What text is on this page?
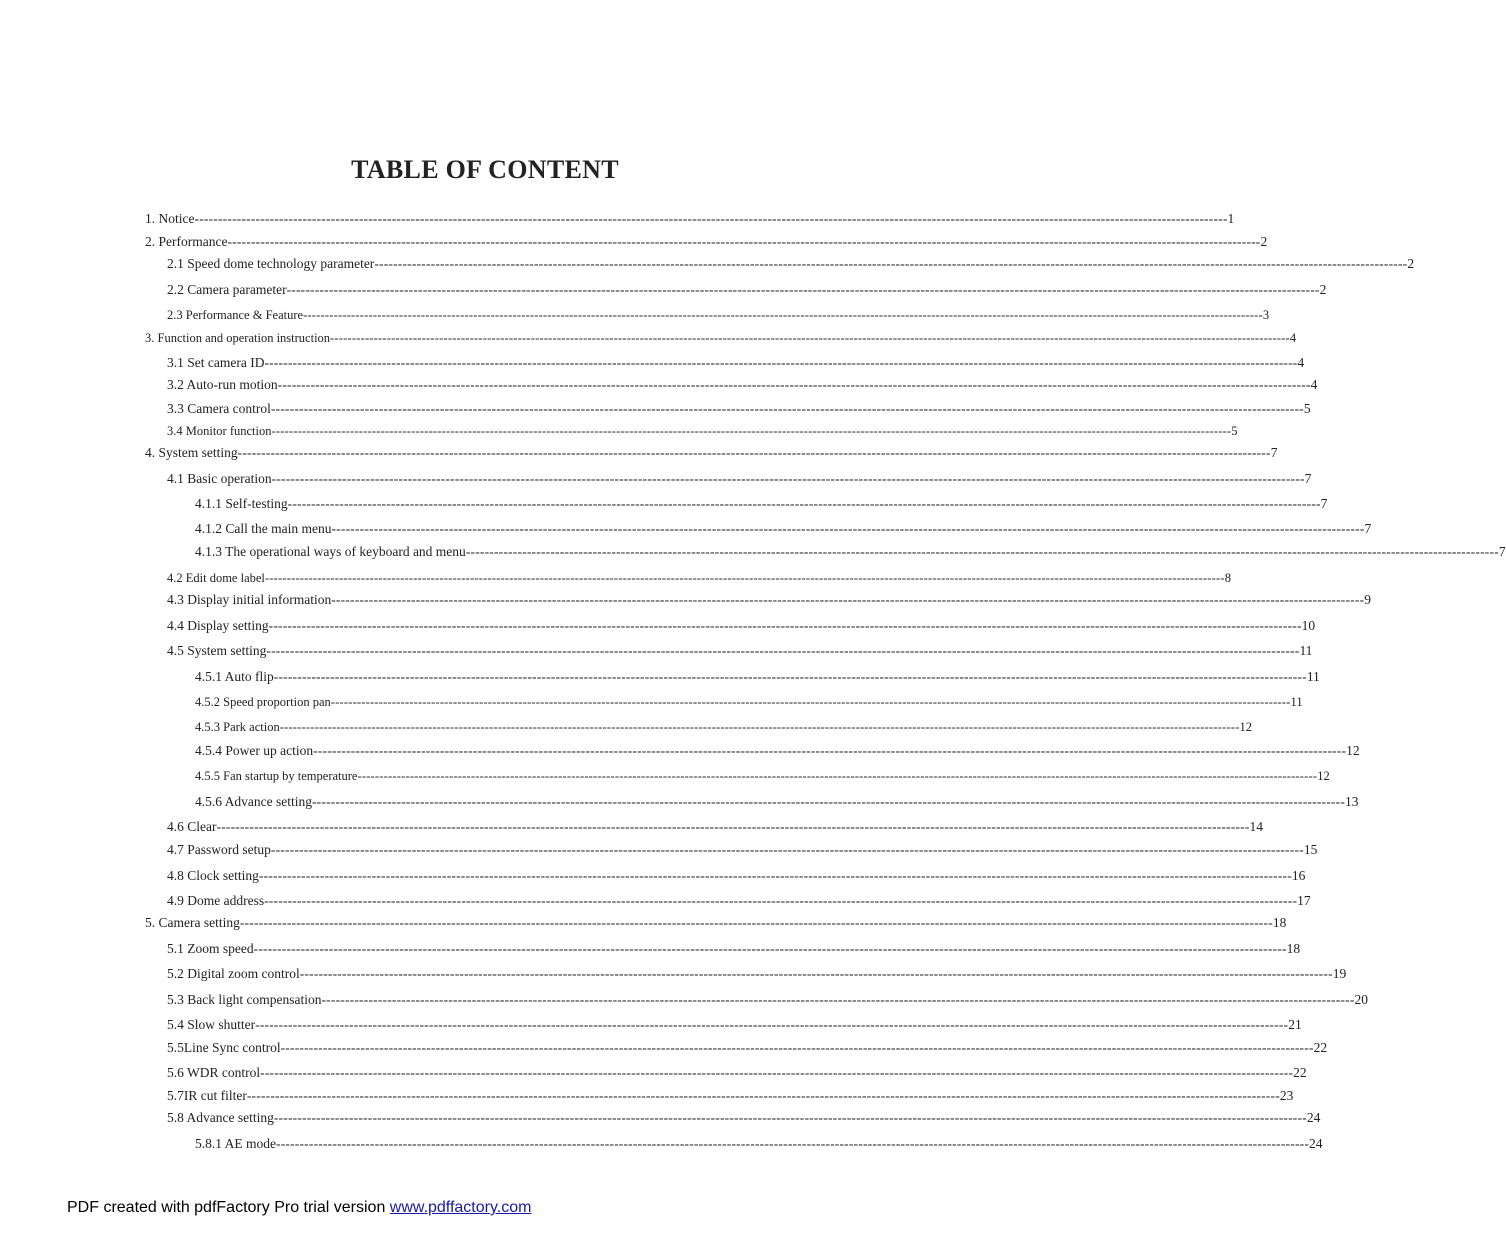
TABLE OF CONTENT
1. Notice ---------------------------------------------------------------------------------------------------------------------------------------------------------------------------------------------------------------------------- 1
2. Performance ---------------------------------------------------------------------------------------------------------------------------------------------------------------------------------------------------------------------------- 2
2.1 Speed dome technology parameter ---------------------------------------------------------------------------------------------------------------------------------------------------------------------------------------------------------------------------- 2
2.2 Camera parameter ---------------------------------------------------------------------------------------------------------------------------------------------------------------------------------------------------------------------------- 2
2.3 Performance & Feature ---------------------------------------------------------------------------------------------------------------------------------------------------------------------------------------------------------------------------- 3
3. Function and operation instruction ---------------------------------------------------------------------------------------------------------------------------------------------------------------------------------------------------------------------------- 4
3.1 Set camera ID ---------------------------------------------------------------------------------------------------------------------------------------------------------------------------------------------------------------------------- 4
3.2 Auto-run motion ---------------------------------------------------------------------------------------------------------------------------------------------------------------------------------------------------------------------------- 4
3.3 Camera control ---------------------------------------------------------------------------------------------------------------------------------------------------------------------------------------------------------------------------- 5
3.4 Monitor function ---------------------------------------------------------------------------------------------------------------------------------------------------------------------------------------------------------------------------- 5
4. System setting ---------------------------------------------------------------------------------------------------------------------------------------------------------------------------------------------------------------------------- 7
4.1 Basic operation ---------------------------------------------------------------------------------------------------------------------------------------------------------------------------------------------------------------------------- 7
4.1.1 Self-testing ---------------------------------------------------------------------------------------------------------------------------------------------------------------------------------------------------------------------------- 7
4.1.2 Call the main menu ---------------------------------------------------------------------------------------------------------------------------------------------------------------------------------------------------------------------------- 7
4.1.3 The operational ways of keyboard and menu ---------------------------------------------------------------------------------------------------------------------------------------------------------------------------------------------------------------------------- 7
4.2 Edit dome label ---------------------------------------------------------------------------------------------------------------------------------------------------------------------------------------------------------------------------- 8
4.3 Display initial information ---------------------------------------------------------------------------------------------------------------------------------------------------------------------------------------------------------------------------- 9
4.4 Display setting ---------------------------------------------------------------------------------------------------------------------------------------------------------------------------------------------------------------------------- 10
4.5 System setting ---------------------------------------------------------------------------------------------------------------------------------------------------------------------------------------------------------------------------- 11
4.5.1 Auto flip ---------------------------------------------------------------------------------------------------------------------------------------------------------------------------------------------------------------------------- 11
4.5.2 Speed proportion pan ---------------------------------------------------------------------------------------------------------------------------------------------------------------------------------------------------------------------------- 11
4.5.3 Park action ---------------------------------------------------------------------------------------------------------------------------------------------------------------------------------------------------------------------------- 12
4.5.4 Power up action ---------------------------------------------------------------------------------------------------------------------------------------------------------------------------------------------------------------------------- 12
4.5.5 Fan startup by temperature ---------------------------------------------------------------------------------------------------------------------------------------------------------------------------------------------------------------------------- 12
4.5.6 Advance setting ---------------------------------------------------------------------------------------------------------------------------------------------------------------------------------------------------------------------------- 13
4.6 Clear ---------------------------------------------------------------------------------------------------------------------------------------------------------------------------------------------------------------------------- 14
4.7 Password setup ---------------------------------------------------------------------------------------------------------------------------------------------------------------------------------------------------------------------------- 15
4.8 Clock setting ---------------------------------------------------------------------------------------------------------------------------------------------------------------------------------------------------------------------------- 16
4.9 Dome address ---------------------------------------------------------------------------------------------------------------------------------------------------------------------------------------------------------------------------- 17
5. Camera setting ---------------------------------------------------------------------------------------------------------------------------------------------------------------------------------------------------------------------------- 18
5.1 Zoom speed ---------------------------------------------------------------------------------------------------------------------------------------------------------------------------------------------------------------------------- 18
5.2 Digital zoom control ---------------------------------------------------------------------------------------------------------------------------------------------------------------------------------------------------------------------------- 19
5.3 Back light compensation ---------------------------------------------------------------------------------------------------------------------------------------------------------------------------------------------------------------------------- 20
5.4 Slow shutter ---------------------------------------------------------------------------------------------------------------------------------------------------------------------------------------------------------------------------- 21
5.5Line Sync control ---------------------------------------------------------------------------------------------------------------------------------------------------------------------------------------------------------------------------- 22
5.6 WDR control ---------------------------------------------------------------------------------------------------------------------------------------------------------------------------------------------------------------------------- 22
5.7IR cut filter ---------------------------------------------------------------------------------------------------------------------------------------------------------------------------------------------------------------------------- 23
5.8 Advance setting ---------------------------------------------------------------------------------------------------------------------------------------------------------------------------------------------------------------------------- 24
5.8.1 AE mode ---------------------------------------------------------------------------------------------------------------------------------------------------------------------------------------------------------------------------- 24
PDF created with pdfFactory Pro trial version www.pdffactory.com
